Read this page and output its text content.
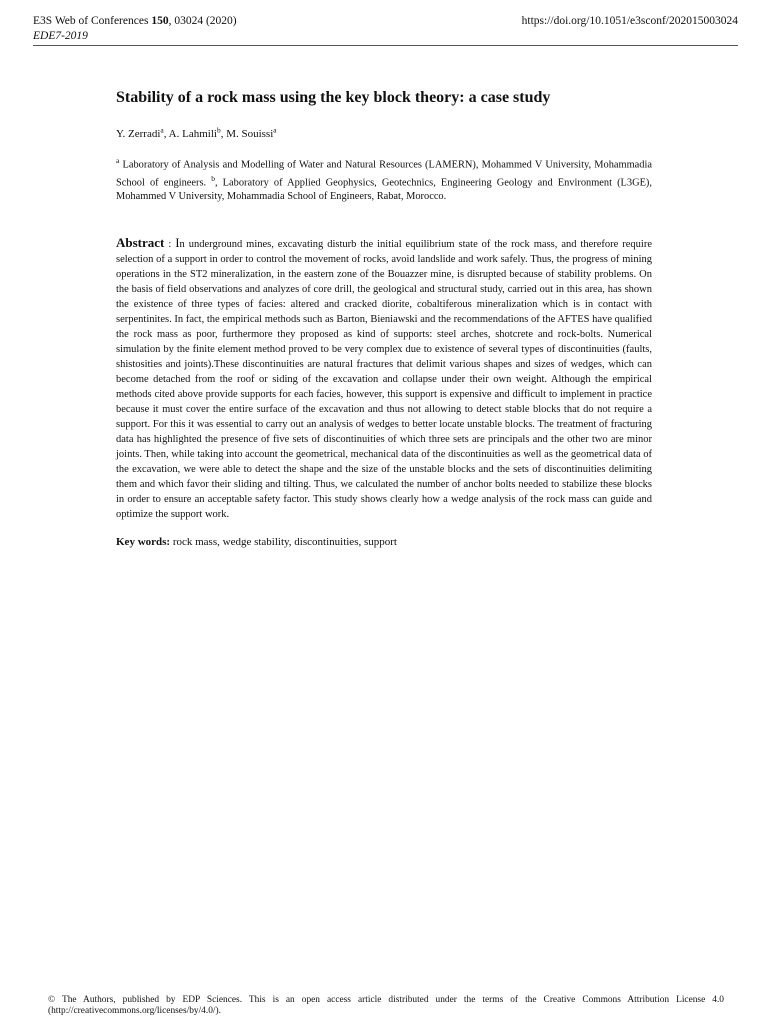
E3S Web of Conferences 150, 03024 (2020)
EDE7-2019
https://doi.org/10.1051/e3sconf/202015003024
Stability of a rock mass using the key block theory: a case study
Y. Zerradi$^a$, A. Lahmili$^b$, M. Souissi$^a$
$^a$ Laboratory of Analysis and Modelling of Water and Natural Resources (LAMERN), Mohammed V University, Mohammadia School of engineers. $^b$, Laboratory of Applied Geophysics, Geotechnics, Engineering Geology and Environment (L3GE), Mohammed V University, Mohammadia School of Engineers, Rabat, Morocco.
Abstract : In underground mines, excavating disturb the initial equilibrium state of the rock mass, and therefore require selection of a support in order to control the movement of rocks, avoid landslide and work safely. Thus, the progress of mining operations in the ST2 mineralization, in the eastern zone of the Bouazzer mine, is disrupted because of stability problems. On the basis of field observations and analyzes of core drill, the geological and structural study, carried out in this area, has shown the existence of three types of facies: altered and cracked diorite, cobaltiferous mineralization which is in contact with serpentinites. In fact, the empirical methods such as Barton, Bieniawski and the recommendations of the AFTES have qualified the rock mass as poor, furthermore they proposed as kind of supports: steel arches, shotcrete and rock-bolts. Numerical simulation by the finite element method proved to be very complex due to existence of several types of discontinuities (faults, shistosities and joints).These discontinuities are natural fractures that delimit various shapes and sizes of wedges, which can become detached from the roof or siding of the excavation and collapse under their own weight. Although the empirical methods cited above provide supports for each facies, however, this support is expensive and difficult to implement in practice because it must cover the entire surface of the excavation and thus not allowing to detect stable blocks that do not require a support. For this it was essential to carry out an analysis of wedges to better locate unstable blocks. The treatment of fracturing data has highlighted the presence of five sets of discontinuities of which three sets are principals and the other two are minor joints. Then, while taking into account the geometrical, mechanical data of the discontinuities as well as the geometrical data of the excavation, we were able to detect the shape and the size of the unstable blocks and the sets of discontinuities delimiting them and which favor their sliding and tilting. Thus, we calculated the number of anchor bolts needed to stabilize these blocks in order to ensure an acceptable safety factor. This study shows clearly how a wedge analysis of the rock mass can guide and optimize the support work.
Key words: rock mass, wedge stability, discontinuities, support
© The Authors, published by EDP Sciences. This is an open access article distributed under the terms of the Creative Commons Attribution License 4.0 (http://creativecommons.org/licenses/by/4.0/).
